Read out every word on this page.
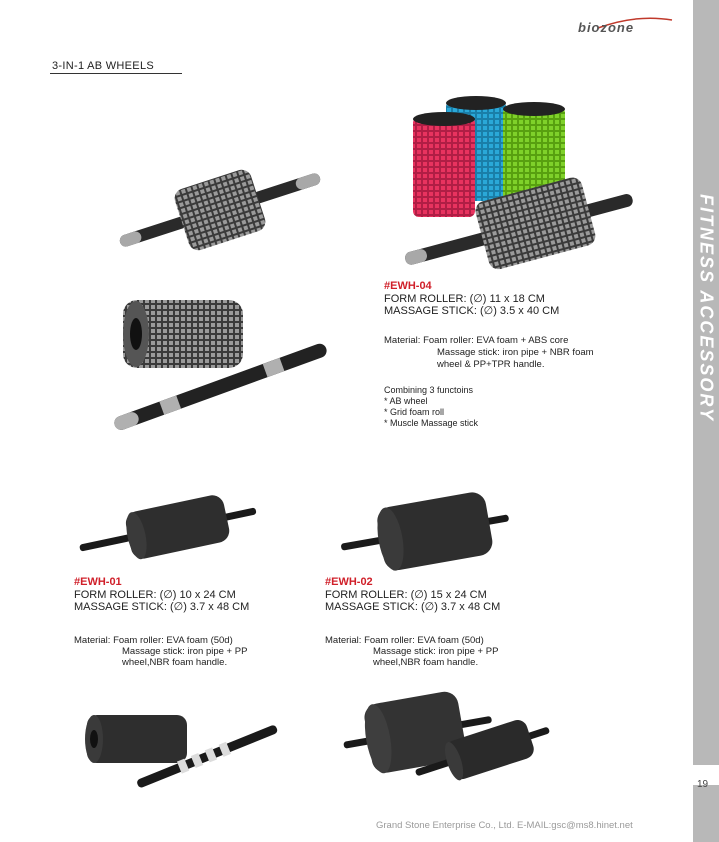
biozone
3-IN-1 AB WHEELS
FITNESS ACCESSORY
19
#EWH-04
FORM ROLLER: (∅) 11 x 18 CM
MASSAGE STICK: (∅) 3.5 x 40 CM
Material: Foam roller: EVA foam + ABS core
Massage stick: iron pipe + NBR foam
wheel & PP+TPR handle.
Combining 3 functoins
* AB wheel
* Grid foam roll
* Muscle Massage stick
#EWH-01
FORM ROLLER: (∅) 10 x 24 CM
MASSAGE STICK: (∅) 3.7 x 48 CM
Material: Foam roller: EVA foam (50d)
Massage stick: iron pipe + PP
wheel,NBR foam handle.
#EWH-02
FORM ROLLER: (∅) 15 x 24 CM
MASSAGE STICK: (∅) 3.7 x 48 CM
Material: Foam roller: EVA foam (50d)
Massage stick: iron pipe + PP
wheel,NBR foam handle.
Grand Stone Enterprise Co., Ltd. E-MAIL:gsc@ms8.hinet.net
